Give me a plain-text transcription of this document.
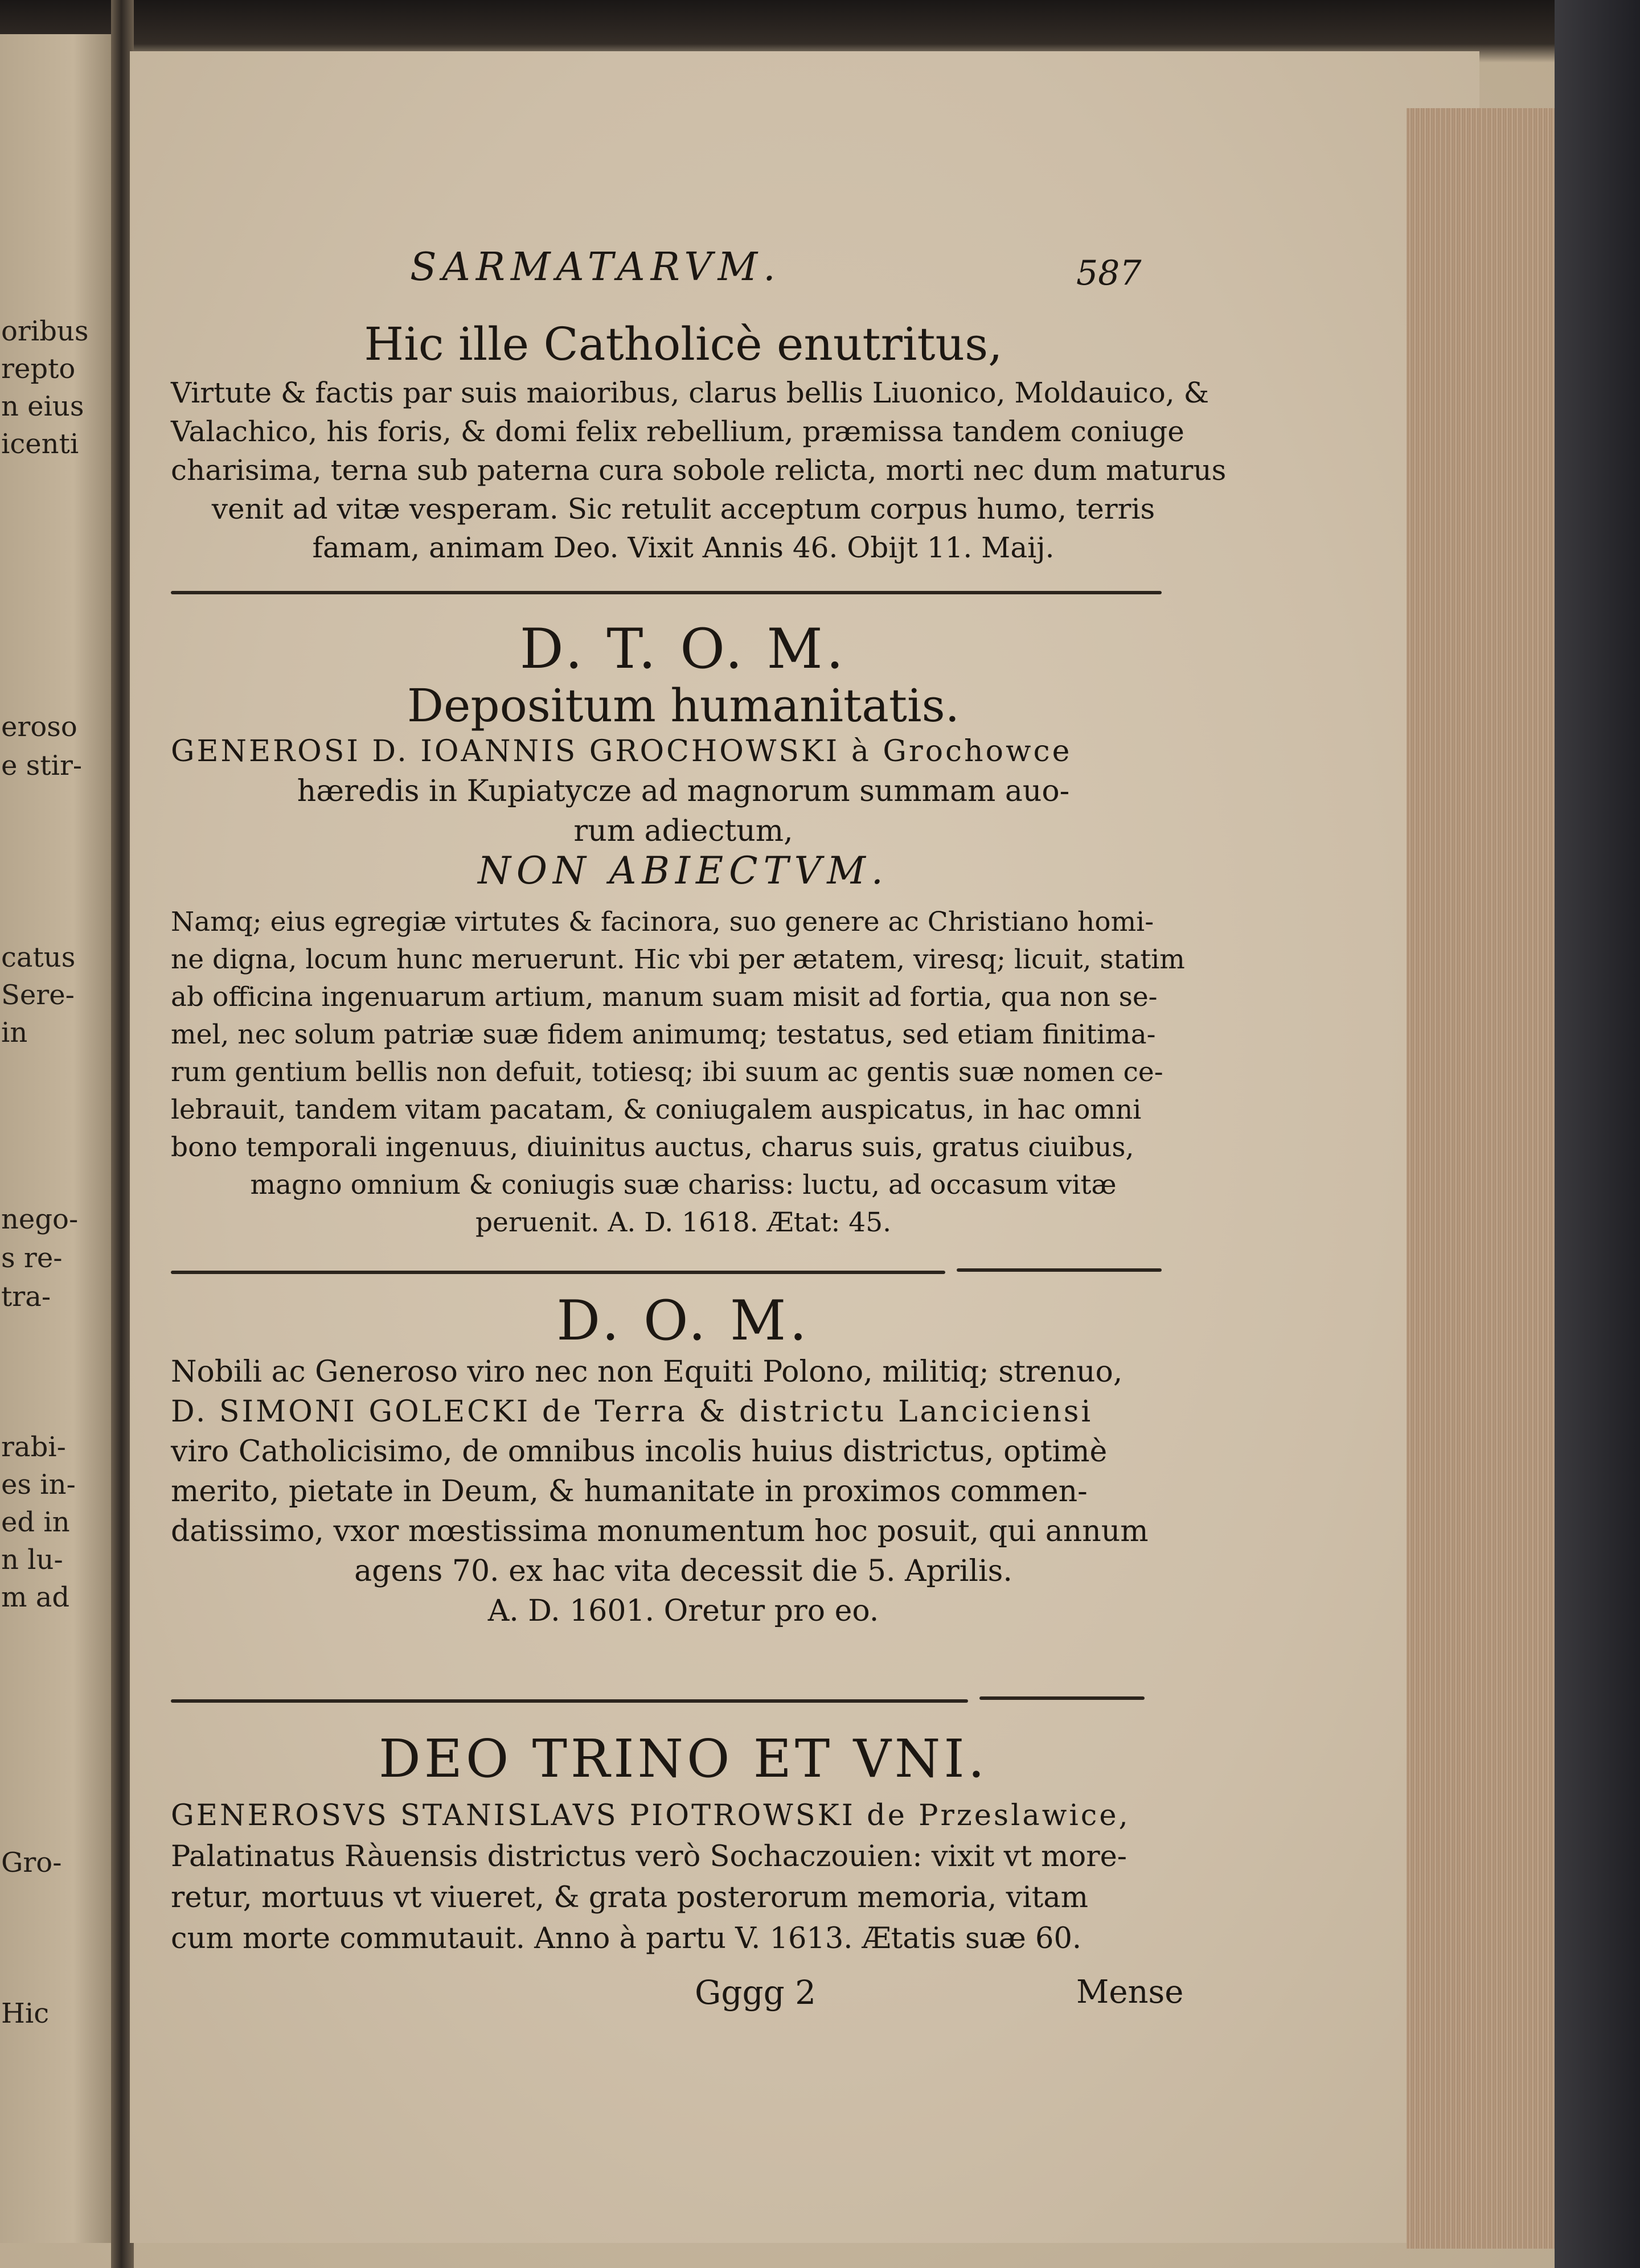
oribus
repto
n eius
icenti
eroso
e stir-
catus
Sere-
in
nego-
s re-
tra-
rabi-
es in-
ed in
n lu-
m ad
Gro-
Hic
SARMATARVM.	587
Hic ille Catholicè enutritus,
Virtute & factis par suis maioribus, clarus bellis Liuonico, Moldauico, &
Valachico, his foris, & domi felix rebellium, præmissa tandem coniuge
charisima, terna sub paterna cura sobole relicta, morti nec dum maturus
venit ad vitæ vesperam. Sic retulit acceptum corpus humo, terris
famam, animam Deo. Vixit Annis 46. Obijt 11. Maij.
D. T. O. M.
Depositum humanitatis.
GENEROSI D. IOANNIS GROCHOWSKI à Grochowce
hæredis in Kupiatycze ad magnorum summam auo-
rum adiectum,
NON ABIECTVM.
Namq; eius egregiæ virtutes & facinora, suo genere ac Christiano homi-
ne digna, locum hunc meruerunt. Hic vbi per ætatem, viresq; licuit, statim
ab officina ingenuarum artium, manum suam misit ad fortia, qua non se-
mel, nec solum patriæ suæ fidem animumq; testatus, sed etiam finitima-
rum gentium bellis non defuit, totiesq; ibi suum ac gentis suæ nomen ce-
lebrauit, tandem vitam pacatam, & coniugalem auspicatus, in hac omni
bono temporali ingenuus, diuinitus auctus, charus suis, gratus ciuibus,
magno omnium & coniugis suæ chariss: luctu, ad occasum vitæ
peruenit. A. D. 1618. Ætat: 45.
D. O. M.
Nobili ac Generoso viro nec non Equiti Polono, militiq; strenuo,
D. SIMONI GOLECKI de Terra & districtu Lanciciensi
viro Catholicisimo, de omnibus incolis huius districtus, optimè
merito, pietate in Deum, & humanitate in proximos commen-
datissimo, vxor mœstissima monumentum hoc posuit, qui annum
agens 70. ex hac vita decessit die 5. Aprilis.
A. D. 1601. Oretur pro eo.
DEO TRINO ET VNI.
GENEROSVS STANISLAVS PIOTROWSKI de Przeslawice,
Palatinatus Ràuensis districtus verò Sochaczouien: vixit vt more-
retur, mortuus vt viueret, & grata posterorum memoria, vitam
cum morte commutauit. Anno à partu V. 1613. Ætatis suæ 60.
Gggg 2	Mense
